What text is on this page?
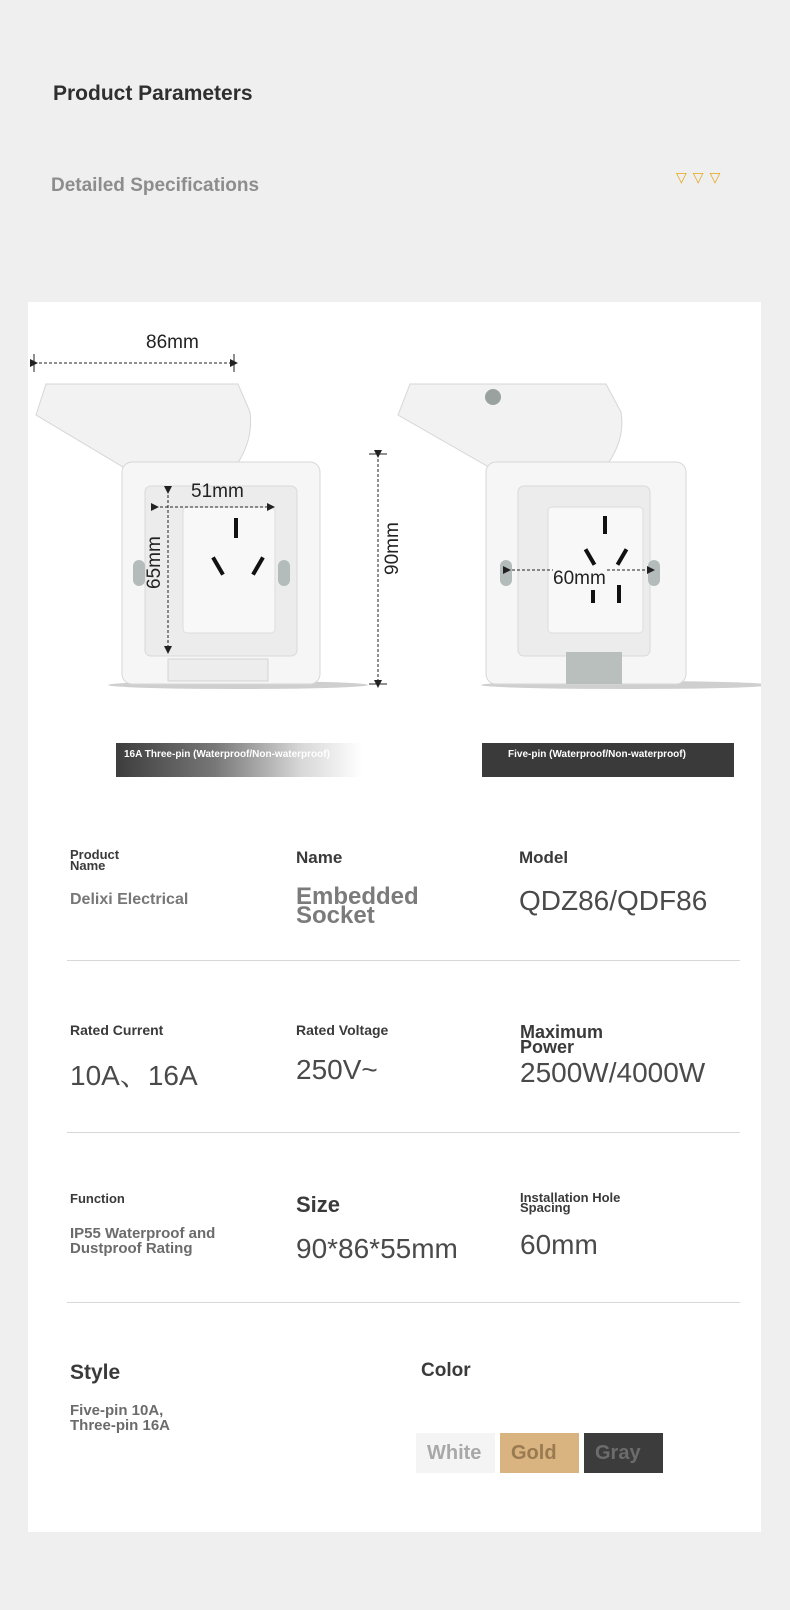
Product Parameters
Detailed Specifications	▽ ▽ ▽
86mm
51mm
65mm	90mm
60mm
16A Three-pin (Waterproof/Non-waterproof)	Five-pin (Waterproof/Non-waterproof)
Product Name
Delixi Electrical
Name
Embedded Socket
Model
QDZ86/QDF86
Rated Current
10A、16A
Rated Voltage
250V~
Maximum Power
2500W/4000W
Function
IP55 Waterproof and Dustproof Rating
Size
90*86*55mm
Installation Hole Spacing
60mm
Style
Five-pin 10A, Three-pin 16A
Color
White	Gold	Gray
